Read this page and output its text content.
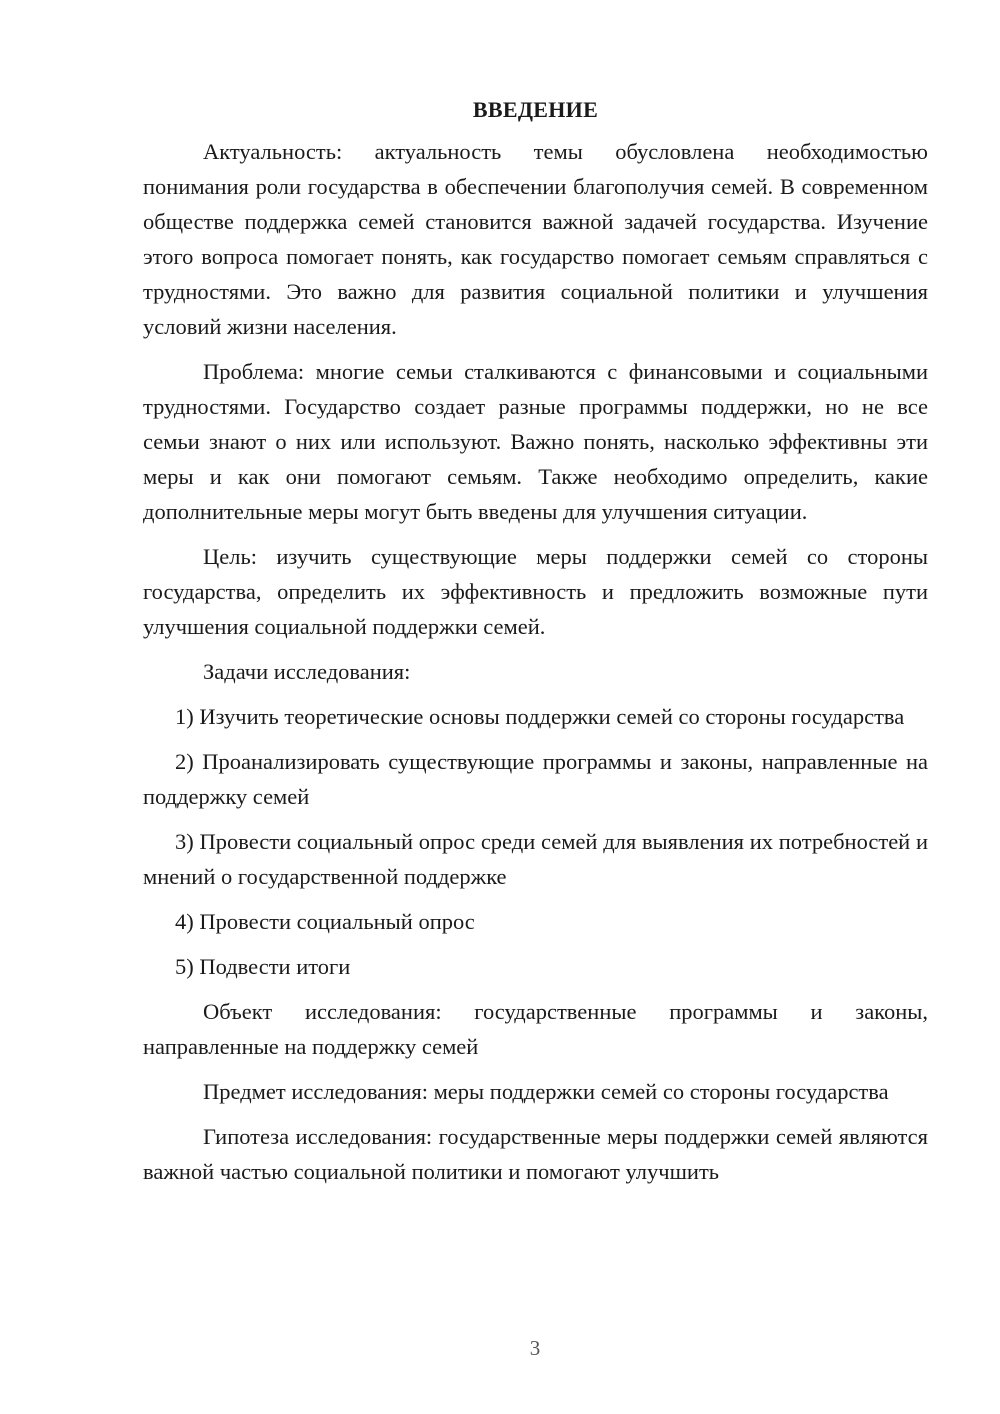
ВВЕДЕНИЕ

Актуальность: актуальность темы обусловлена необходимостью понимания роли государства в обеспечении благополучия семей. В современном обществе поддержка семей становится важной задачей государства. Изучение этого вопроса помогает понять, как государство помогает семьям справляться с трудностями. Это важно для развития социальной политики и улучшения условий жизни населения.

Проблема: многие семьи сталкиваются с финансовыми и социальными трудностями. Государство создает разные программы поддержки, но не все семьи знают о них или используют. Важно понять, насколько эффективны эти меры и как они помогают семьям. Также необходимо определить, какие дополнительные меры могут быть введены для улучшения ситуации.

Цель: изучить существующие меры поддержки семей со стороны государства, определить их эффективность и предложить возможные пути улучшения социальной поддержки семей.

Задачи исследования:

1) Изучить теоретические основы поддержки семей со стороны государства

2) Проанализировать существующие программы и законы, направленные на поддержку семей

3) Провести социальный опрос среди семей для выявления их потребностей и мнений о государственной поддержке

4) Провести социальный опрос

5) Подвести итоги

Объект исследования: государственные программы и законы, направленные на поддержку семей

Предмет исследования: меры поддержки семей со стороны государства

Гипотеза исследования: государственные меры поддержки семей являются важной частью социальной политики и помогают улучшить

3
